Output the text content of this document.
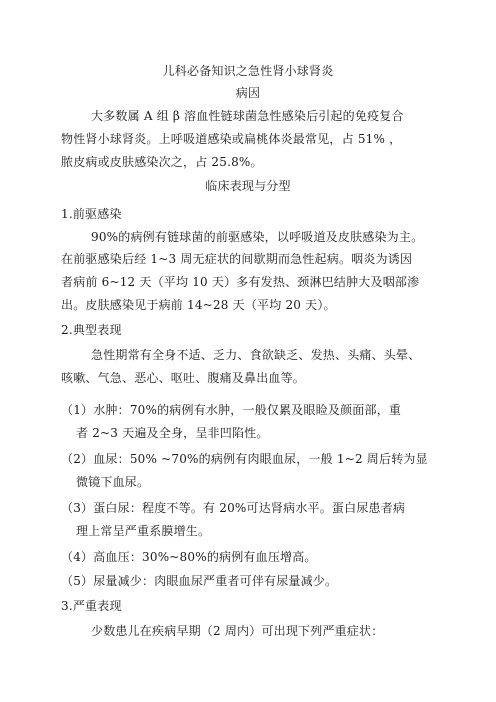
儿科必备知识之急性肾小球肾炎
病因
大多数属 A 组 β 溶血性链球菌急性感染后引起的免疫复合
物性肾小球肾炎。上呼吸道感染或扁桃体炎最常见，占 51% ，
脓皮病或皮肤感染次之，占 25.8%。
临床表现与分型
1.前驱感染
90%的病例有链球菌的前驱感染，以呼吸道及皮肤感染为主。
在前驱感染后经 1~3 周无症状的间歇期而急性起病。咽炎为诱因
者病前 6~12 天（平均 10 天）多有发热、颈淋巴结肿大及咽部渗
出。皮肤感染见于病前 14~28 天（平均 20 天）。
2.典型表现
急性期常有全身不适、乏力、食欲缺乏、发热、头痛、头晕、
咳嗽、气急、恶心、呕吐、腹痛及鼻出血等。
（1）水肿：70%的病例有水肿，一般仅累及眼睑及颜面部，重
者 2~3 天遍及全身，呈非凹陷性。
（2）血尿：50% ~70%的病例有肉眼血尿，一般 1~2 周后转为显
微镜下血尿。
（3）蛋白尿：程度不等。有 20%可达肾病水平。蛋白尿患者病
理上常呈严重系膜增生。
（4）高血压：30%~80%的病例有血压增高。
（5）尿量减少：肉眼血尿严重者可伴有尿量减少。
3.严重表现
少数患儿在疾病早期（2 周内）可出现下列严重症状：
